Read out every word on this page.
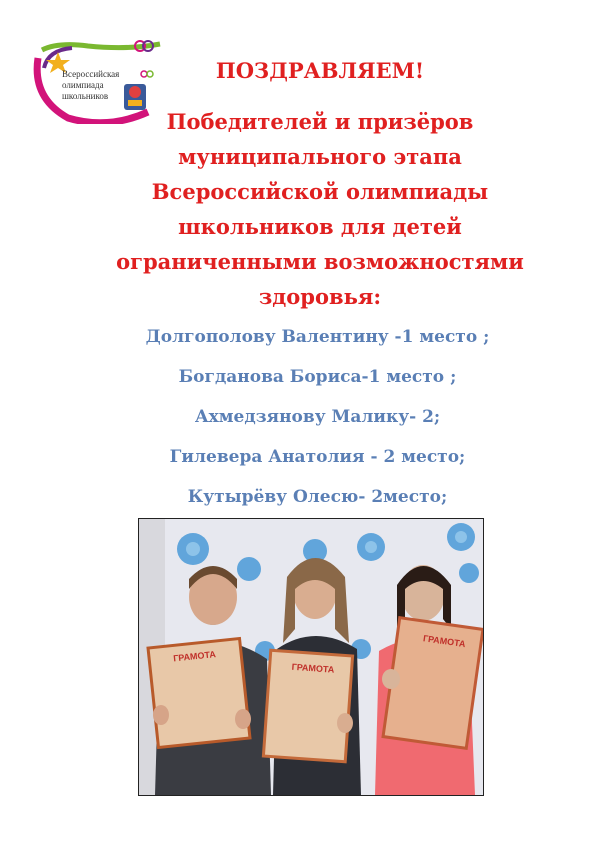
Всероссийская
олимпиада
школьников
ПОЗДРАВЛЯЕМ!
Победителей и призёров
муниципального этапа
Всероссийской олимпиады
школьников для детей
ограниченными возможностями
здоровья:
Долгополову Валентину -1 место ;
Богданова Бориса-1 место ;
Ахмедзянову Малику- 2;
Гилевера Анатолия - 2 место;
Кутырёву Олесю- 2место;
ГРАМОТА
ГРАМОТА
ГРАМОТА
